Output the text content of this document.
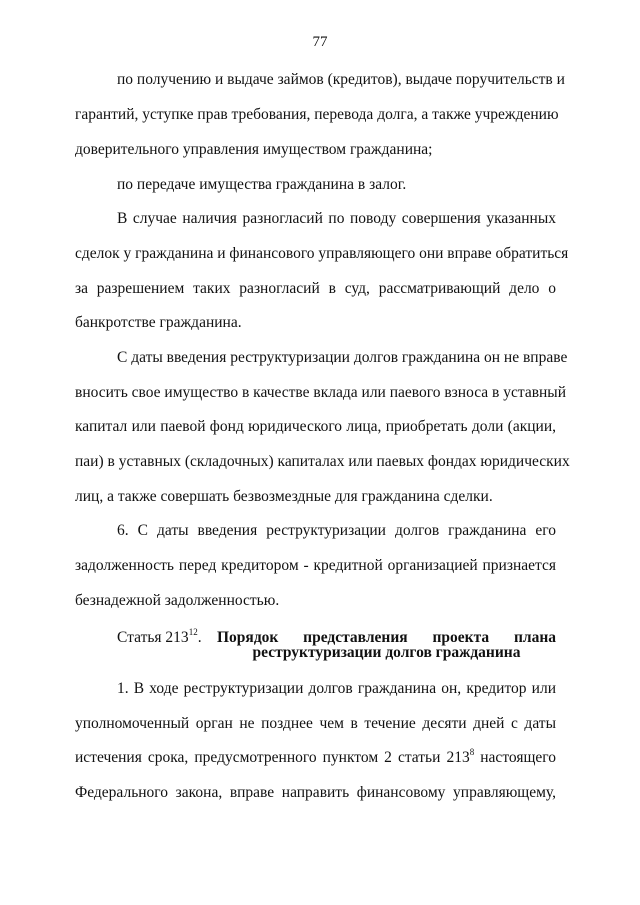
77
по получению и выдаче займов (кредитов), выдаче поручительств и
гарантий, уступке прав требования, перевода долга, а также учреждению
доверительного управления имуществом гражданина;
по передаче имущества гражданина в залог.
В случае наличия разногласий по поводу совершения указанных
сделок у гражданина и финансового управляющего они вправе обратиться
за разрешением таких разногласий в суд, рассматривающий дело о
банкротстве гражданина.
С даты введения реструктуризации долгов гражданина он не вправе
вносить свое имущество в качестве вклада или паевого взноса в уставный
капитал или паевой фонд юридического лица, приобретать доли (акции,
паи) в уставных (складочных) капиталах или паевых фондах юридических
лиц, а также совершать безвозмездные для гражданина сделки.
6. С даты введения реструктуризации долгов гражданина его
задолженность перед кредитором - кредитной организацией признается
безнадежной задолженностью.
Статья $213^{12}$. Порядок представления проекта плана
реструктуризации долгов гражданина
1. В ходе реструктуризации долгов гражданина он, кредитор или
уполномоченный орган не позднее чем в течение десяти дней с даты
истечения срока, предусмотренного пунктом 2 статьи $213^8$ настоящего
Федерального закона, вправе направить финансовому управляющему,
